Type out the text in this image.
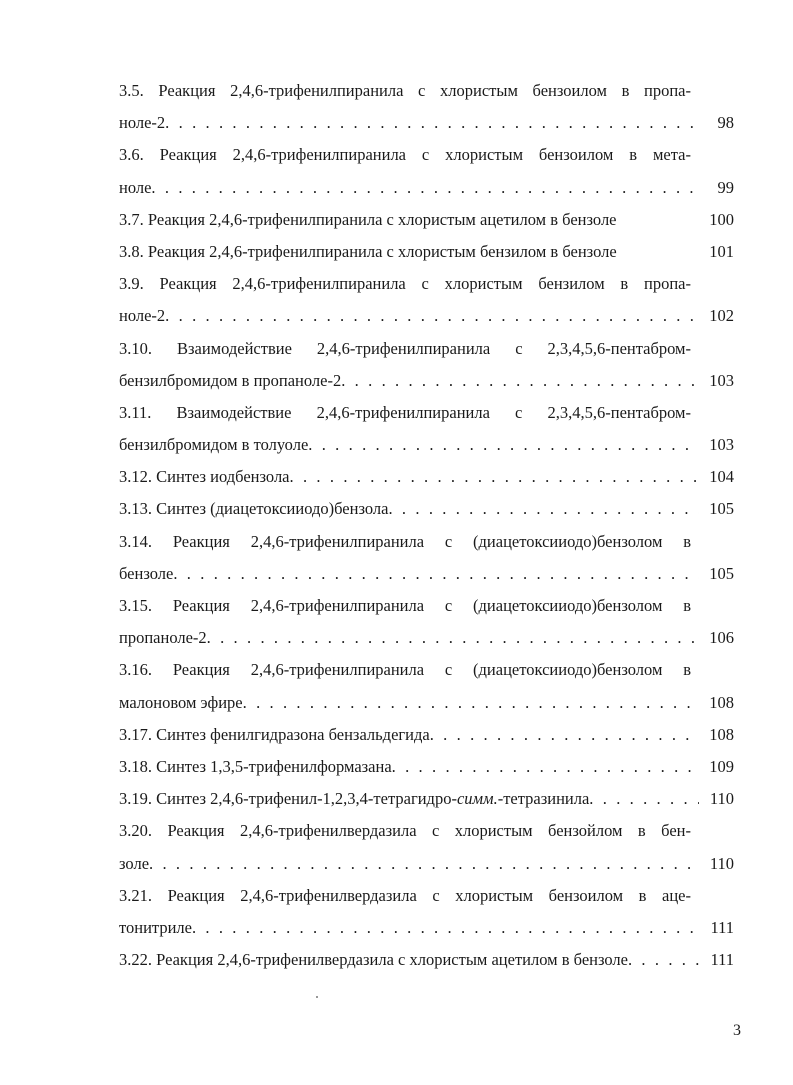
3.5. Реакция 2,4,6-трифенилпиранила с хлористым бензоилом в пропа-
ноле-2 . . .	98
3.6. Реакция 2,4,6-трифенилпиранила с хлористым бензоилом в мета-
ноле . . .	99
3.7. Реакция 2,4,6-трифенилпиранила с хлористым ацетилом в бензоле	100
3.8. Реакция 2,4,6-трифенилпиранила с хлористым бензилом в бензоле	101
3.9. Реакция 2,4,6-трифенилпиранила с хлористым бензилом в пропа-
ноле-2 . . .	102
3.10. Взаимодействие 2,4,6-трифенилпиранила с 2,3,4,5,6-пентабром-
бензилбромидом в пропаноле-2 . . .	103
3.11. Взаимодействие 2,4,6-трифенилпиранила с 2,3,4,5,6-пентабром-
бензилбромидом в толуоле . . .	103
3.12. Синтез иодбензола . . .	104
3.13. Синтез (диацетоксииодо)бензола . . .	105
3.14. Реакция 2,4,6-трифенилпиранила с (диацетоксииодо)бензолом в
бензоле . . .	105
3.15. Реакция 2,4,6-трифенилпиранила с (диацетоксииодо)бензолом в
пропаноле-2 . . .	106
3.16. Реакция 2,4,6-трифенилпиранила с (диацетоксииодо)бензолом в
малоновом эфире . . .	108
3.17. Синтез фенилгидразона бензальдегида . . .	108
3.18. Синтез 1,3,5-трифенилформазана . . .	109
3.19. Синтез 2,4,6-трифенил-1,2,3,4-тетрагидро-симм.-тетразинила . . .	110
3.20. Реакция 2,4,6-трифенилвердазила с хлористым бензойлом в бен-
золе . . .	110
3.21. Реакция 2,4,6-трифенилвердазила с хлористым бензоилом в аце-
тонитриле . . .	111
3.22. Реакция 2,4,6-трифенилвердазила с хлористым ацетилом в бензоле . . .	111
3
